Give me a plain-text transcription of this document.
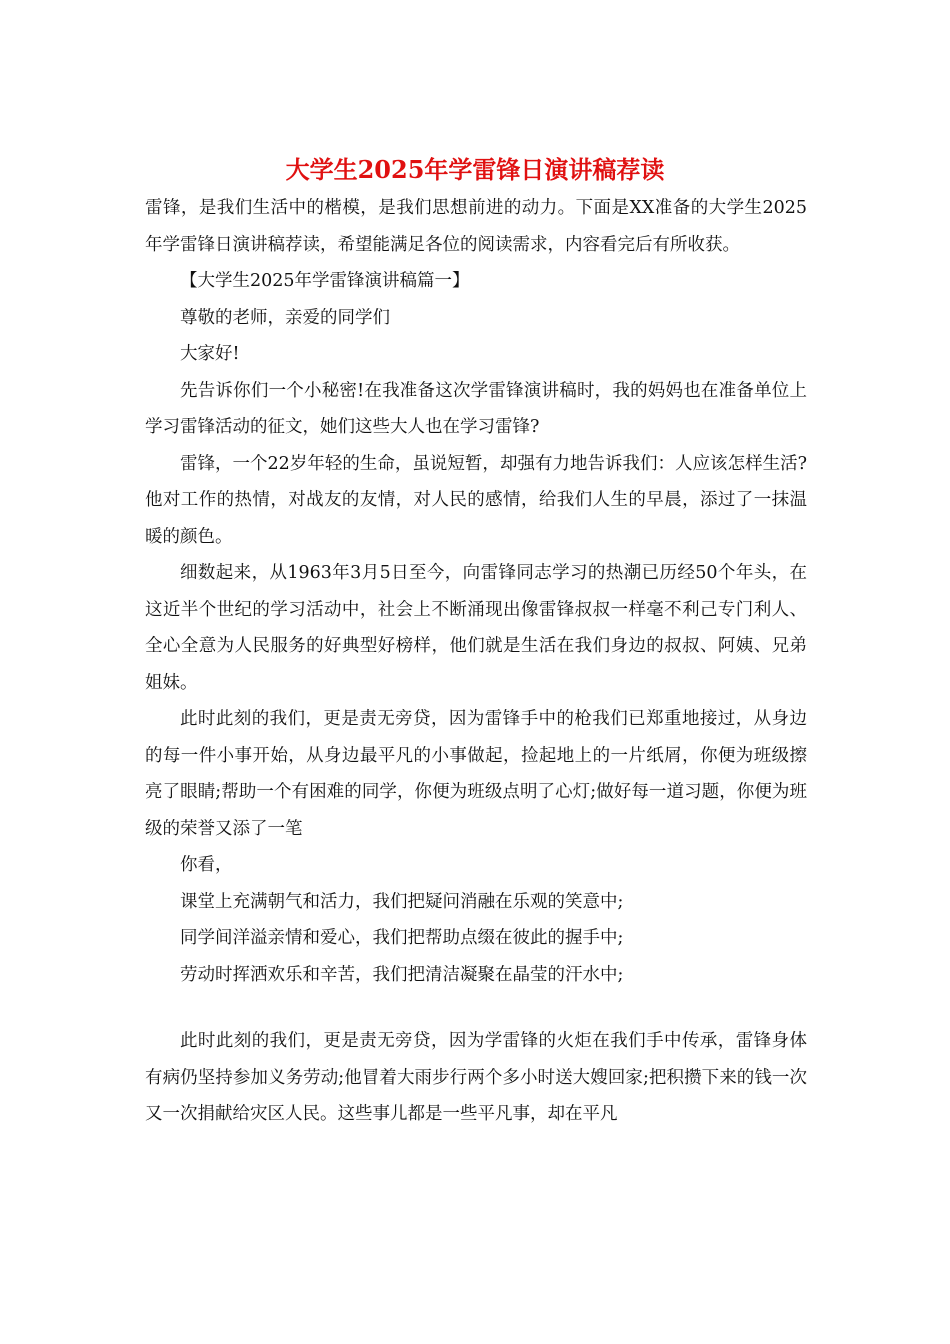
大学生2025年学雷锋日演讲稿荐读

雷锋，是我们生活中的楷模，是我们思想前进的动力。下面是XX准备的大学生2025年学雷锋日演讲稿荐读，希望能满足各位的阅读需求，内容看完后有所收获。

【大学生2025年学雷锋演讲稿篇一】

尊敬的老师，亲爱的同学们

大家好!

先告诉你们一个小秘密!在我准备这次学雷锋演讲稿时，我的妈妈也在准备单位上学习雷锋活动的征文，她们这些大人也在学习雷锋?

雷锋，一个22岁年轻的生命，虽说短暂，却强有力地告诉我们：人应该怎样生活?他对工作的热情，对战友的友情，对人民的感情，给我们人生的早晨，添过了一抹温暖的颜色。

细数起来，从1963年3月5日至今，向雷锋同志学习的热潮已历经50个年头，在这近半个世纪的学习活动中，社会上不断涌现出像雷锋叔叔一样毫不利己专门利人、全心全意为人民服务的好典型好榜样，他们就是生活在我们身边的叔叔、阿姨、兄弟姐妹。

此时此刻的我们，更是责无旁贷，因为雷锋手中的枪我们已郑重地接过，从身边的每一件小事开始，从身边最平凡的小事做起，捡起地上的一片纸屑，你便为班级擦亮了眼睛;帮助一个有困难的同学，你便为班级点明了心灯;做好每一道习题，你便为班级的荣誉又添了一笔

你看，

课堂上充满朝气和活力，我们把疑问消融在乐观的笑意中;

同学间洋溢亲情和爱心，我们把帮助点缀在彼此的握手中;

劳动时挥洒欢乐和辛苦，我们把清洁凝聚在晶莹的汗水中;

此时此刻的我们，更是责无旁贷，因为学雷锋的火炬在我们手中传承，雷锋身体有病仍坚持参加义务劳动;他冒着大雨步行两个多小时送大嫂回家;把积攒下来的钱一次又一次捐献给灾区人民。这些事儿都是一些平凡事，却在平凡
